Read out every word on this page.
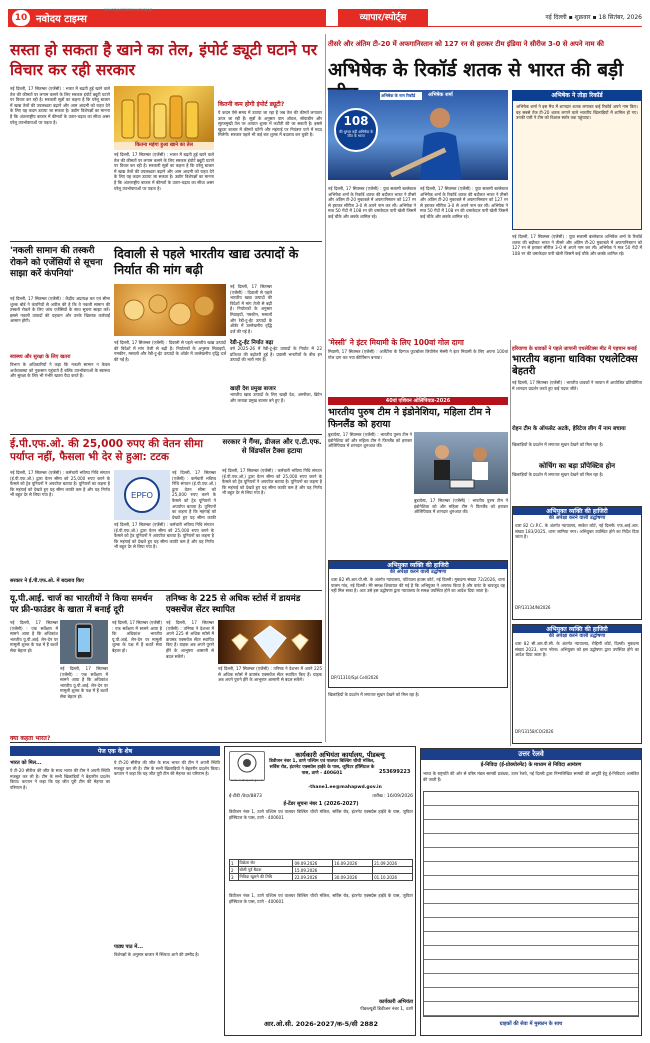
10 नवोदय टाइम्स
NAVODAYATIMES.IN/PUNJAB
व्यापार/स्पोर्ट्स	नई दिल्ली ▪ शुक्रवार ▪ 18 सितंबर, 2026
सस्ता हो सकता है खाने का तेल, इंपोर्ट ड्यूटी घटाने पर विचार कर रही सरकार
नई दिल्ली, 17 सितम्बर (एजेंसी) : भारत में बढ़ती हुई खाने वाले तेल की कीमतों पर लगाम कसने के लिए सरकार इंपोर्ट ड्यूटी घटाने पर विचार कर रही है। सरकारी सूत्रों का कहना है कि घरेलू बाजार में खाद्य तेलों की उपलब्धता बढ़ाने और आम आदमी को राहत देने के लिए यह कदम उठाया जा सकता है। उद्योग विशेषज्ञों का मानना है कि अंतरराष्ट्रीय बाजार में कीमतों के उतार-चढ़ाव का सीधा असर घरेलू उपभोक्ताओं पर पड़ता है।
कितना महंगा हुआ खाने का तेल
नई दिल्ली, 17 सितम्बर (एजेंसी) : भारत में बढ़ती हुई खाने वाले तेल की कीमतों पर लगाम कसने के लिए सरकार इंपोर्ट ड्यूटी घटाने पर विचार कर रही है। सरकारी सूत्रों का कहना है कि घरेलू बाजार में खाद्य तेलों की उपलब्धता बढ़ाने और आम आदमी को राहत देने के लिए यह कदम उठाया जा सकता है। उद्योग विशेषज्ञों का मानना है कि अंतरराष्ट्रीय बाजार में कीमतों के उतार-चढ़ाव का सीधा असर घरेलू उपभोक्ताओं पर पड़ता है।
कितनी कम होगी इंपोर्ट ड्यूटी?
ये कदम ऐसे समय में उठाया जा रहा है जब तेल की कीमतें लगातार ऊपर जा रही हैं। सूत्रों के अनुसार पाम ऑयल, सोयाबीन और सूरजमुखी तेल पर आयात शुल्क में कटौती की जा सकती है। इससे खुदरा बाजार में कीमतें घटेंगी और महंगाई पर नियंत्रण पाने में मदद मिलेगी। सरकार पहले भी कई बार शुल्क में बदलाव कर चुकी है।
'नकली सामान की तस्करी रोकने को एजेंसियों से सूचना साझा करें कंपनियां'
नई दिल्ली, 17 सितम्बर (एजेंसी) : केंद्रीय अप्रत्यक्ष कर एवं सीमा शुल्क बोर्ड ने कंपनियों से अपील की है कि वे नकली सामान की तस्करी रोकने के लिए जांच एजेंसियों के साथ सूचना साझा करें। इससे नकली उत्पादों की पहचान और उनके खिलाफ कार्रवाई आसान होगी।
स्वास्थ्य और सुरक्षा के लिए खतरा
विभाग के अधिकारियों ने कहा कि नकली सामान न केवल अर्थव्यवस्था को नुकसान पहुंचाते हैं बल्कि उपभोक्ताओं के स्वास्थ्य और सुरक्षा के लिए भी गंभीर खतरा पैदा करते हैं।
दिवाली से पहले भारतीय खाद्य उत्पादों के निर्यात की मांग बढ़ी
नई दिल्ली, 17 सितम्बर (एजेंसी) : दिवाली से पहले भारतीय खाद्य उत्पादों की विदेशों में मांग तेजी से बढ़ी है। निर्यातकों के अनुसार मिठाइयों, नमकीन, मसालों और रेडी-टू-ईट उत्पादों के ऑर्डर में उल्लेखनीय वृद्धि दर्ज की गई है।
नई दिल्ली, 17 सितम्बर (एजेंसी) : दिवाली से पहले भारतीय खाद्य उत्पादों की विदेशों में मांग तेजी से बढ़ी है। निर्यातकों के अनुसार मिठाइयों, नमकीन, मसालों और रेडी-टू-ईट उत्पादों के ऑर्डर में उल्लेखनीय वृद्धि दर्ज की गई है।
रेडी-टू-ईट निर्यात बढ़ा
वर्ष 2025-26 में रेडी-टू-ईट उत्पादों के निर्यात में 22 प्रतिशत की बढ़ोतरी हुई है। प्रवासी भारतीयों के बीच इन उत्पादों की भारी मांग है।
खाड़ी देश प्रमुख बाजार
भारतीय खाद्य उत्पादों के लिए खाड़ी देश, अमरीका, ब्रिटेन और कनाडा प्रमुख बाजार बने हुए हैं।
ई.पी.एफ.ओ. की 25,000 रुपए की वेतन सीमा पर्याप्त नहीं, फैसला भी देर से हुआ: टटक
नई दिल्ली, 17 सितम्बर (एजेंसी) : कर्मचारी भविष्य निधि संगठन (ई.पी.एफ.ओ.) द्वारा वेतन सीमा को 25,000 रुपए करने के फैसले को ट्रेड यूनियनों ने अपर्याप्त बताया है। यूनियनों का कहना है कि महंगाई को देखते हुए यह सीमा काफी कम है और यह निर्णय भी बहुत देर से लिया गया है।	EPFO
नई दिल्ली, 17 सितम्बर (एजेंसी) : कर्मचारी भविष्य निधि संगठन (ई.पी.एफ.ओ.) द्वारा वेतन सीमा को 25,000 रुपए करने के फैसले को ट्रेड यूनियनों ने अपर्याप्त बताया है। यूनियनों का कहना है कि महंगाई को देखते हुए यह सीमा काफी कम है और यह निर्णय भी बहुत देर से लिया गया है।
नई दिल्ली, 17 सितम्बर (एजेंसी) : कर्मचारी भविष्य निधि संगठन (ई.पी.एफ.ओ.) द्वारा वेतन सीमा को 25,000 रुपए करने के फैसले को ट्रेड यूनियनों ने अपर्याप्त बताया है। यूनियनों का कहना है कि महंगाई को देखते हुए यह सीमा काफी
सरकार ने ई.पी.एफ.ओ. में बदलाव किए
सरकार ने गैंग्स, डीजल और ए.टी.एफ. से विंडफॉल टैक्स हटाया
नई दिल्ली, 17 सितम्बर (एजेंसी) : कर्मचारी भविष्य निधि संगठन (ई.पी.एफ.ओ.) द्वारा वेतन सीमा को 25,000 रुपए करने के फैसले को ट्रेड यूनियनों ने अपर्याप्त बताया है। यूनियनों का कहना है कि महंगाई को देखते हुए यह सीमा काफी कम है और यह निर्णय भी बहुत देर से लिया गया है।
यू.पी.आई. चार्ज का भारतीयों ने किया समर्थन पर फ्री-फाउंडर के खाता में बनाई दूरी
नई दिल्ली, 17 सितम्बर (एजेंसी) : एक सर्वेक्षण में सामने आया है कि अधिकांश भारतीय यू.पी.आई. लेन-देन पर मामूली शुल्क के पक्ष में हैं बशर्ते सेवा बेहतर हो।
नई दिल्ली, 17 सितम्बर (एजेंसी) : एक सर्वेक्षण में सामने आया है कि अधिकांश भारतीय यू.पी.आई. लेन-देन पर मामूली शुल्क के पक्ष में हैं बशर्ते सेवा बेहतर हो।
नई दिल्ली, 17 सितम्बर (एजेंसी) : एक सर्वेक्षण में सामने आया है कि अधिकांश भारतीय यू.पी.आई. लेन-देन पर मामूली शुल्क के पक्ष में हैं बशर्ते सेवा बेहतर हो।
क्या कहता भारत?
तनिष्क के 225 से अधिक स्टोर्स में डायमंड एक्सचेंज सेंटर स्थापित
नई दिल्ली, 17 सितम्बर (एजेंसी) : तनिष्क ने देशभर में अपने 225 से अधिक स्टोर्स में डायमंड एक्सचेंज सेंटर स्थापित किए हैं। ग्राहक अब अपने पुराने हीरे के आभूषण आसानी से बदल सकेंगे।
नई दिल्ली, 17 सितम्बर (एजेंसी) : तनिष्क ने देशभर में अपने 225 से अधिक स्टोर्स में डायमंड एक्सचेंज सेंटर स्थापित किए हैं। ग्राहक अब अपने पुराने हीरे के आभूषण आसानी से बदल सकेंगे।
पेज एक के शेष
भारत को मिल...
ये टी-20 सीरीज की जीत के साथ भारत की टीम ने अपनी स्थिति मजबूत कर ली है। टीम के सभी खिलाड़ियों ने बेहतरीन प्रदर्शन किया। कप्तान ने कहा कि यह जीत पूरी टीम की मेहनत का परिणाम है।
ये टी-20 सीरीज की जीत के साथ भारत की टीम ने अपनी स्थिति मजबूत कर ली है। टीम के सभी खिलाड़ियों ने बेहतरीन प्रदर्शन किया। कप्तान ने कहा कि यह जीत पूरी टीम की मेहनत का परिणाम है।
पाठ्य पाठ में...
विशेषज्ञों के अनुसार बाजार में स्थिरता आने की उम्मीद है।
www.mahapwd.gov.in
कार्यकारी अभियंता कार्यालय, पीडब्ल्यू
डिवीजन नंबर 1, ठाणे पश्चिम एवं पालघर बिल्डिंग चौथी मंजिल, सर्विस रोड, इंटरनेट एक्सप्रेस हाईवे के पास, जुपिटर हॉस्पिटल के पास, ठाणे - 400601	253699223
-thane1.ee@mahapwd.gov.in
ई-टीडी /ठेदा/8873	तारीख : 16/09/2026
ई-टेंडर सूचना नंबर 1 (2026-2027)
डिवीजन नंबर 1, ठाणे पश्चिम एवं पालघर बिल्डिंग चौथी मंजिल, सर्विस रोड, इंटरनेट एक्सप्रेस हाईवे के पास, जुपिटर हॉस्पिटल के पास, ठाणे - 400601
1	विक्रेता सेट	09.09.2026	16.09.2026	21.09.2026
2	बोली पूर्व बैठक	15.09.2026		
3	निविदा खुलने की तिथि	22.09.2026	30.09.2026	01.10.2026
डिवीजन नंबर 1, ठाणे पश्चिम एवं पालघर बिल्डिंग चौथी मंजिल, सर्विस रोड, इंटरनेट एक्सप्रेस हाईवे के पास, जुपिटर हॉस्पिटल के पास, ठाणे - 400601
कार्यकारी अभियंता
पीडब्ल्यूडी डिवीजन नंबर 1, ठाणे
आर.ओ.सी. 2026-2027/क-5/सी 2882
तीसरे और अंतिम टी-20 में अफगानिस्तान को 127 रन से हराकर टीम इंडिया ने सीरीज 3-0 से अपने नाम की
अभिषेक के रिकॉर्ड शतक से भारत की बड़ी
108
की धुरंधर बड़ी अभिषेक के जीत के भारत
अभिषेक के नाम रिकॉर्ड	अभिषेक शर्मा
नई दिल्ली, 17 सितम्बर (एजेंसी) : युवा सलामी बल्लेबाज अभिषेक शर्मा के रिकॉर्ड शतक की बदौलत भारत ने तीसरे और अंतिम टी-20 मुकाबले में अफगानिस्तान को 127 रन से हराकर सीरीज 3-0 से अपने नाम कर ली। अभिषेक ने मात्र 50 गेंदों में 108 रन की धमाकेदार पारी खेली जिसमें कई चौके और छक्के शामिल रहे।
नई दिल्ली, 17 सितम्बर (एजेंसी) : युवा सलामी बल्लेबाज अभिषेक शर्मा के रिकॉर्ड शतक की बदौलत भारत ने तीसरे और अंतिम टी-20 मुकाबले में अफगानिस्तान को 127 रन से हराकर सीरीज 3-0 से अपने नाम कर ली। अभिषेक ने मात्र 50 गेंदों में 108 रन की धमाकेदार पारी खेली जिसमें कई चौके और छक्के शामिल रहे।
अभिषेक ने तोड़ा रिकॉर्ड
अभिषेक शर्मा ने इस मैच में शानदार शतक लगाकर कई रिकॉर्ड अपने नाम किए। वह सबसे तेज टी-20 शतक लगाने वाले भारतीय खिलाड़ियों में शामिल हो गए। उनकी पारी ने टीम को विशाल स्कोर तक पहुंचाया।
नई दिल्ली, 17 सितम्बर (एजेंसी) : युवा सलामी बल्लेबाज अभिषेक शर्मा के रिकॉर्ड शतक की बदौलत भारत ने तीसरे और अंतिम टी-20 मुकाबले में अफगानिस्तान को 127 रन से हराकर सीरीज 3-0 से अपने नाम कर ली। अभिषेक ने मात्र 50 गेंदों में 108 रन की धमाकेदार पारी खेली जिसमें कई चौके और छक्के शामिल रहे।
'मेस्सी' ने इंटर मियामी के लिए 100वां गोल दागा
मियामी, 17 सितम्बर (एजेंसी) : अर्जेंटीना के दिग्गज फुटबॉलर लियोनेल मेस्सी ने इंटर मियामी के लिए अपना 100वां गोल दाग कर नया कीर्तिमान बनाया।
40वां एशियन ओलिंपियाड-2026
भारतीय पुरुष टीम ने इंडोनेशिया, महिला टीम ने फिनलैंड को हराया
बुडापेस्ट, 17 सितम्बर (एजेंसी) : भारतीय पुरुष टीम ने इंडोनेशिया को और महिला टीम ने फिनलैंड को हराकर ओलिंपियाड में शानदार शुरुआत की।
बुडापेस्ट, 17 सितम्बर (एजेंसी) : भारतीय पुरुष टीम ने इंडोनेशिया को और महिला टीम ने फिनलैंड को हराकर ओलिंपियाड में शानदार शुरुआत की।
हरियाणा के धावकों ने पहले जापानी एथलेटिक्स मीट में पहचान बनाई
भारतीय बहाना धाविका एथलेटिक्स बेहतरी
नई दिल्ली, 17 सितम्बर (एजेंसी) : भारतीय धावकों ने जापान में आयोजित प्रतियोगिता में शानदार प्रदर्शन करते हुए कई पदक जीते।
रोहन टीम के ऑफसेट अटके, हेरिटेज लीग में नाम बचाया
खिलाड़ियों के प्रदर्शन में लगातार सुधार देखने को मिल रहा है।
कोचिंग का बड़ा प्रॉपेक्टिव होन
खिलाड़ियों के प्रदर्शन में लगातार सुधार देखने को मिल रहा है।
अभियुक्त व्यक्ति की हाजिरी
की अपेक्षा करने वाली उद्घोषणा
धारा 82 सी.आर.पी.सी. के अंतर्गत न्यायालय, पटियाला हाउस कोर्ट, नई दिल्ली। मुकदमा संख्या 72/2026, थाना पालम गांव, नई दिल्ली। मेरे समक्ष शिकायत की गई है कि अभियुक्त ने अपराध किया है और वारंट के बावजूद वह नहीं मिल सका है। अतः उसे इस उद्घोषणा द्वारा न्यायालय के समक्ष उपस्थित होने का आदेश दिया जाता है।
DP/11310/SpI.Cell/2026
अभियुक्त व्यक्ति की हाजिरी
की अपेक्षा करने वाली उद्घोषणा
धारा 82 Cr.P.C. के अंतर्गत न्यायालय, साकेत कोर्ट, नई दिल्ली। एफ.आई.आर. संख्या 183/2025, थाना जामिया नगर। अभियुक्त उपस्थित होने का निर्देश दिया जाता है।
DP/13134/N/2026
अभियुक्त व्यक्ति की हाजिरी
की अपेक्षा करने वाली उद्घोषणा
धारा 82 सी.आर.पी.सी. के अंतर्गत न्यायालय, रोहिणी कोर्ट, दिल्ली। मुकदमा संख्या 2023, थाना नरेला। अभियुक्त को इस उद्घोषणा द्वारा उपस्थित होने का आदेश दिया जाता है।
DP/13158/CO/2026
खिलाड़ियों के प्रदर्शन में लगातार सुधार देखने को मिल रहा है।
उत्तर रेलवे
ई-निविदा (ई-प्रोक्योरमेंट) के माध्यम से निविदा आमंत्रण
भारत के राष्ट्रपति की ओर से वरिष्ठ मंडल सामग्री प्रबंधक, उत्तर रेलवे, नई दिल्ली द्वारा निम्नलिखित सामग्री की आपूर्ति हेतु ई-निविदाएं आमंत्रित की जाती हैं।
ग्राहकों की सेवा में मुस्कान के साथ
